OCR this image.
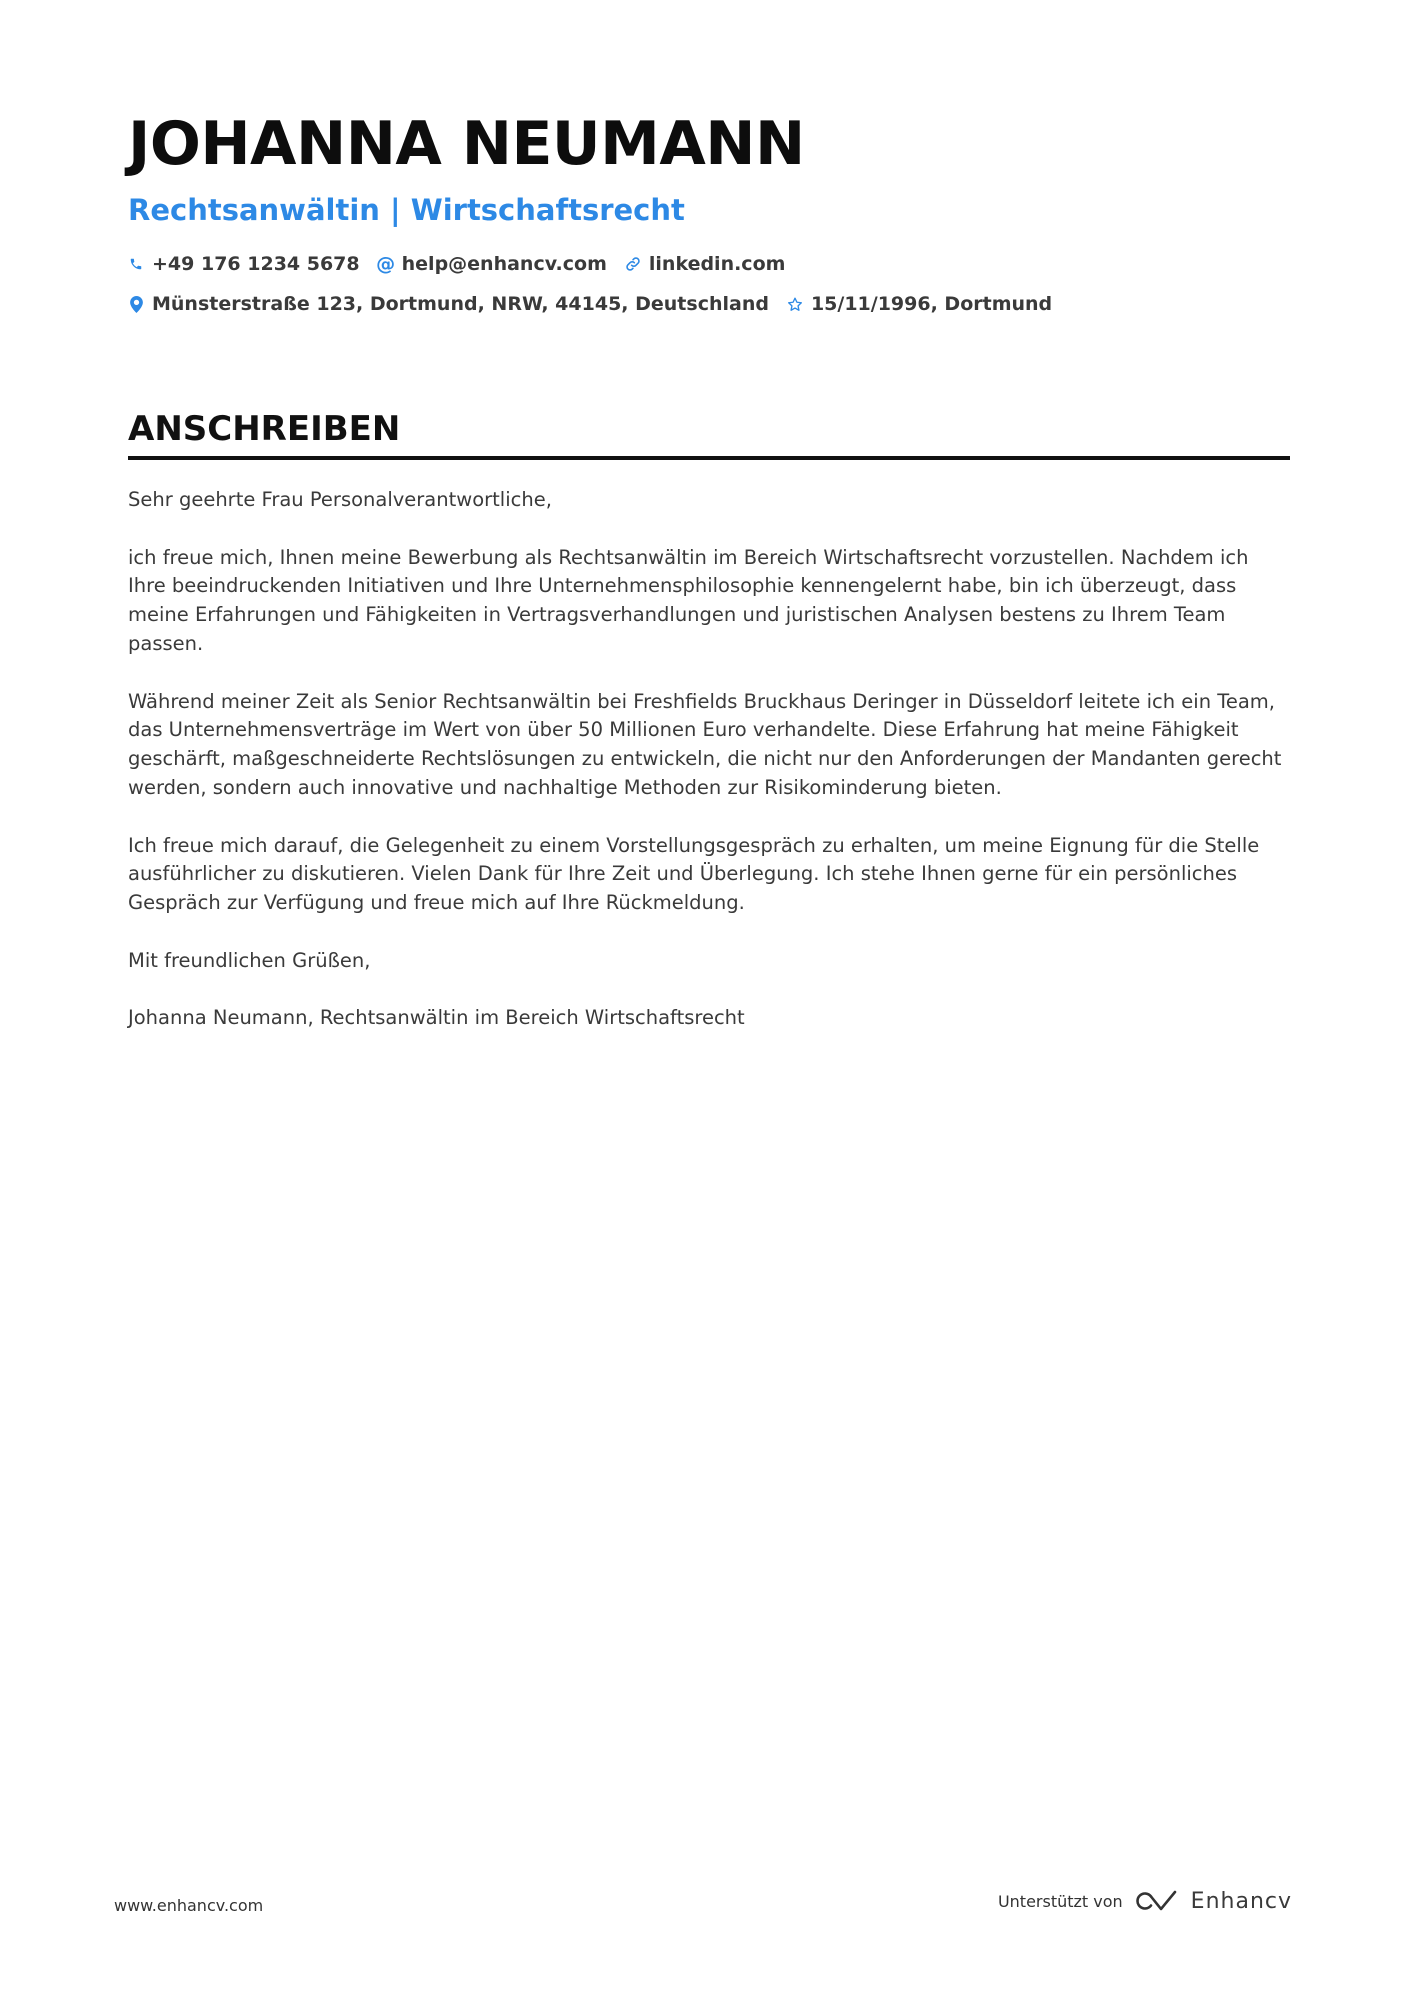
JOHANNA NEUMANN
Rechtsanwältin | Wirtschaftsrecht
+49 176 1234 5678 @ help@enhancv.com linkedin.com
Münsterstraße 123, Dortmund, NRW, 44145, Deutschland 15/11/1996, Dortmund
ANSCHREIBEN

Sehr geehrte Frau Personalverantwortliche,

ich freue mich, Ihnen meine Bewerbung als Rechtsanwältin im Bereich Wirtschaftsrecht vorzustellen. Nachdem ich Ihre beeindruckenden Initiativen und Ihre Unternehmensphilosophie kennengelernt habe, bin ich überzeugt, dass meine Erfahrungen und Fähigkeiten in Vertragsverhandlungen und juristischen Analysen bestens zu Ihrem Team passen.

Während meiner Zeit als Senior Rechtsanwältin bei Freshfields Bruckhaus Deringer in Düsseldorf leitete ich ein Team, das Unternehmensverträge im Wert von über 50 Millionen Euro verhandelte. Diese Erfahrung hat meine Fähigkeit geschärft, maßgeschneiderte Rechtslösungen zu entwickeln, die nicht nur den Anforderungen der Mandanten gerecht werden, sondern auch innovative und nachhaltige Methoden zur Risikominderung bieten.

Ich freue mich darauf, die Gelegenheit zu einem Vorstellungsgespräch zu erhalten, um meine Eignung für die Stelle ausführlicher zu diskutieren. Vielen Dank für Ihre Zeit und Überlegung. Ich stehe Ihnen gerne für ein persönliches Gespräch zur Verfügung und freue mich auf Ihre Rückmeldung.

Mit freundlichen Grüßen,

Johanna Neumann, Rechtsanwältin im Bereich Wirtschaftsrecht

www.enhancv.com	Unterstützt von	Enhancv
